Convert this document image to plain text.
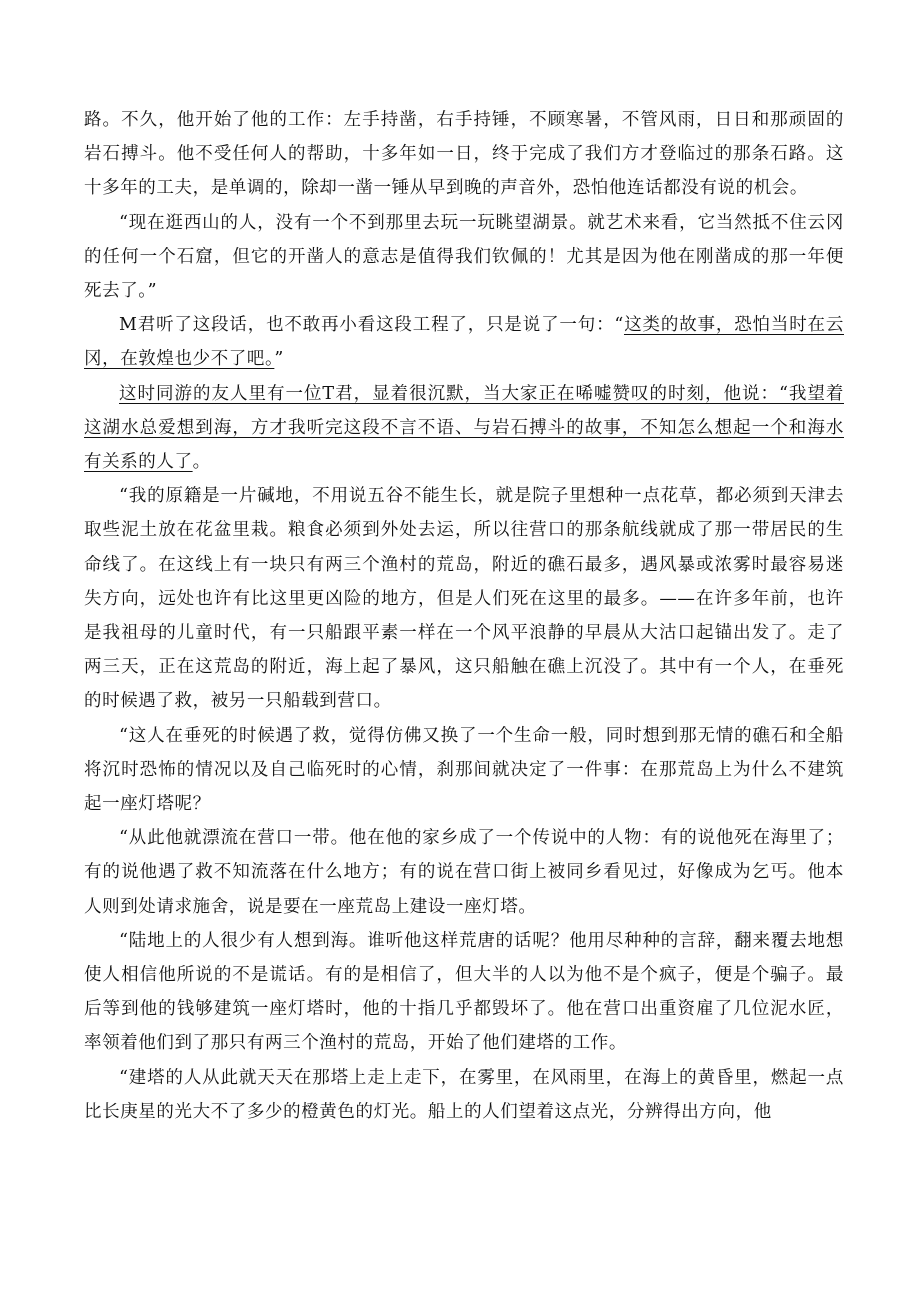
路。不久，他开始了他的工作：左手持凿，右手持锤，不顾寒暑，不管风雨，日日和那顽固的岩石搏斗。他不受任何人的帮助，十多年如一日，终于完成了我们方才登临过的那条石路。这十多年的工夫，是单调的，除却一凿一锤从早到晚的声音外，恐怕他连话都没有说的机会。

“现在逛西山的人，没有一个不到那里去玩一玩眺望湖景。就艺术来看，它当然抵不住云冈的任何一个石窟，但它的开凿人的意志是值得我们钦佩的！尤其是因为他在刚凿成的那一年便死去了。”

M君听了这段话，也不敢再小看这段工程了，只是说了一句：“这类的故事，恐怕当时在云冈，在敦煌也少不了吧。”

这时同游的友人里有一位T君，显着很沉默，当大家正在唏嘘赞叹的时刻，他说：“我望着这湖水总爱想到海，方才我听完这段不言不语、与岩石搏斗的故事，不知怎么想起一个和海水有关系的人了。

“我的原籍是一片碱地，不用说五谷不能生长，就是院子里想种一点花草，都必须到天津去取些泥土放在花盆里栽。粮食必须到外处去运，所以往营口的那条航线就成了那一带居民的生命线了。在这线上有一块只有两三个渔村的荒岛，附近的礁石最多，遇风暴或浓雾时最容易迷失方向，远处也许有比这里更凶险的地方，但是人们死在这里的最多。——在许多年前，也许是我祖母的儿童时代，有一只船跟平素一样在一个风平浪静的早晨从大沽口起锚出发了。走了两三天，正在这荒岛的附近，海上起了暴风，这只船触在礁上沉没了。其中有一个人，在垂死的时候遇了救，被另一只船载到营口。

“这人在垂死的时候遇了救，觉得仿佛又换了一个生命一般，同时想到那无情的礁石和全船将沉时恐怖的情况以及自己临死时的心情，刹那间就决定了一件事：在那荒岛上为什么不建筑起一座灯塔呢？

“从此他就漂流在营口一带。他在他的家乡成了一个传说中的人物：有的说他死在海里了；有的说他遇了救不知流落在什么地方；有的说在营口街上被同乡看见过，好像成为乞丐。他本人则到处请求施舍，说是要在一座荒岛上建设一座灯塔。

“陆地上的人很少有人想到海。谁听他这样荒唐的话呢？他用尽种种的言辞，翻来覆去地想使人相信他所说的不是谎话。有的是相信了，但大半的人以为他不是个疯子，便是个骗子。最后等到他的钱够建筑一座灯塔时，他的十指几乎都毁坏了。他在营口出重资雇了几位泥水匠，率领着他们到了那只有两三个渔村的荒岛，开始了他们建塔的工作。

“建塔的人从此就天天在那塔上走上走下，在雾里，在风雨里，在海上的黄昏里，燃起一点比长庚星的光大不了多少的橙黄色的灯光。船上的人们望着这点光，分辨得出方向，他
